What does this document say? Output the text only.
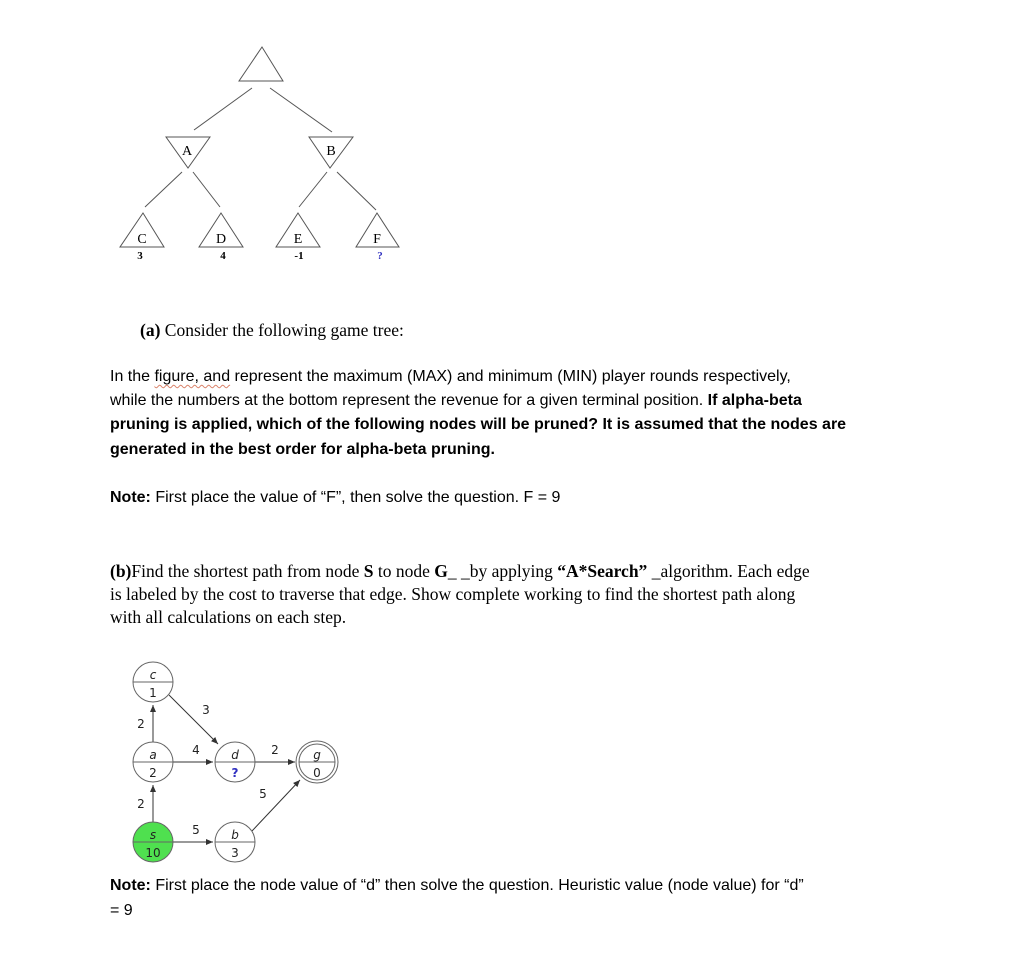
A	B
C	D	E	F
3	4	-1	?
c
1
a
2
d
?
g
0
s
10
b
3
2
2
3
4	2
5
5
(a) Consider the following game tree:
In the figure, and represent the maximum (MAX) and minimum (MIN) player rounds respectively,
while the numbers at the bottom represent the revenue for a given terminal position. If alpha-beta
pruning is applied, which of the following nodes will be pruned? It is assumed that the nodes are
generated in the best order for alpha-beta pruning.
Note: First place the value of “F”, then solve the question. F = 9
(b)Find the shortest path from node S to node G_ _by applying “A*Search” _algorithm. Each edge
is labeled by the cost to traverse that edge. Show complete working to find the shortest path along
with all calculations on each step.
Note: First place the node value of “d” then solve the question. Heuristic value (node value) for “d”
= 9
